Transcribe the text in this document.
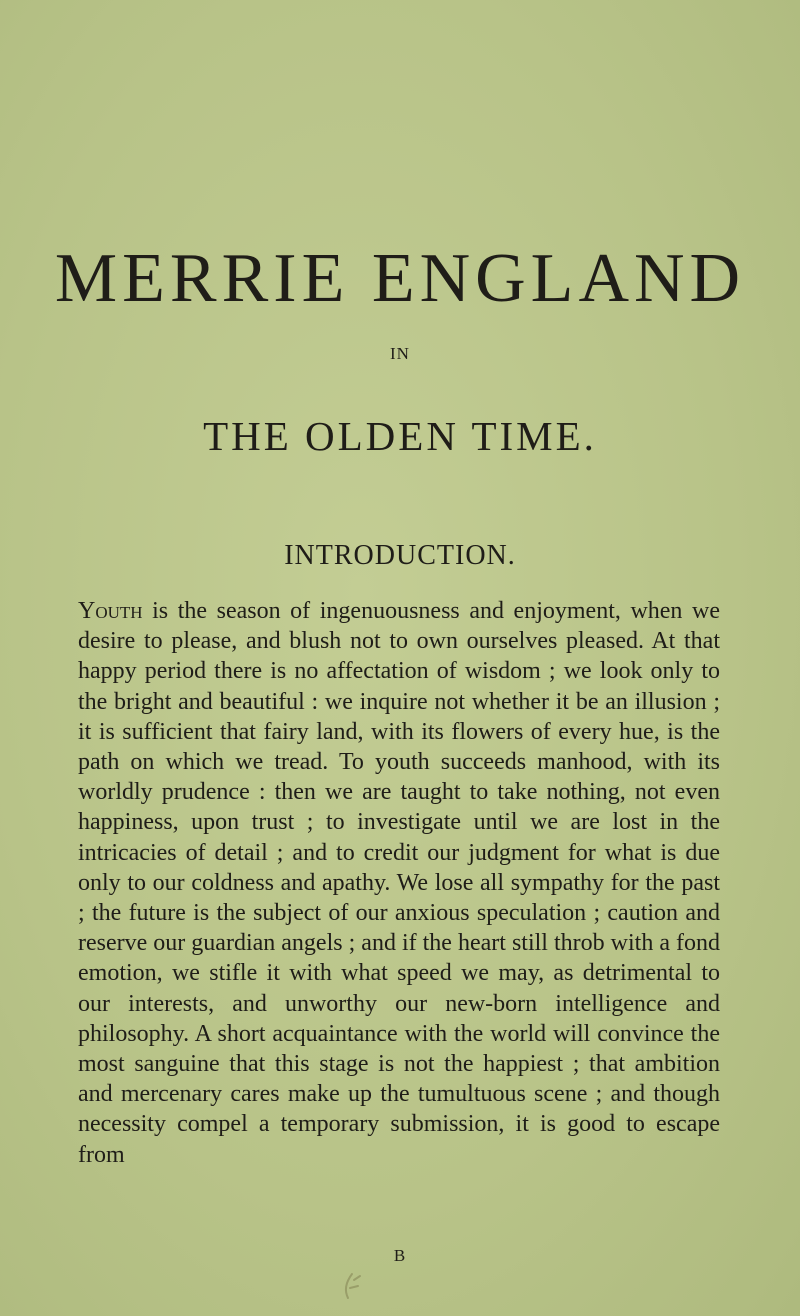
MERRIE ENGLAND
IN
THE OLDEN TIME.
INTRODUCTION.

Youth is the season of ingenuousness and enjoyment, when we desire to please, and blush not to own ourselves pleased. At that happy period there is no affectation of wisdom ; we look only to the bright and beautiful : we inquire not whether it be an illusion ; it is sufficient that fairy land, with its flowers of every hue, is the path on which we tread. To youth succeeds manhood, with its worldly prudence : then we are taught to take nothing, not even happiness, upon trust ; to investigate until we are lost in the intricacies of detail ; and to credit our judgment for what is due only to our coldness and apathy. We lose all sympathy for the past ; the future is the subject of our anxious speculation ; caution and reserve our guardian angels ; and if the heart still throb with a fond emotion, we stifle it with what speed we may, as detrimental to our interests, and unworthy our new-born intelligence and philosophy. A short acquaintance with the world will convince the most sanguine that this stage is not the happiest ; that ambition and mercenary cares make up the tumultuous scene ; and though necessity compel a temporary submission, it is good to escape from

B
